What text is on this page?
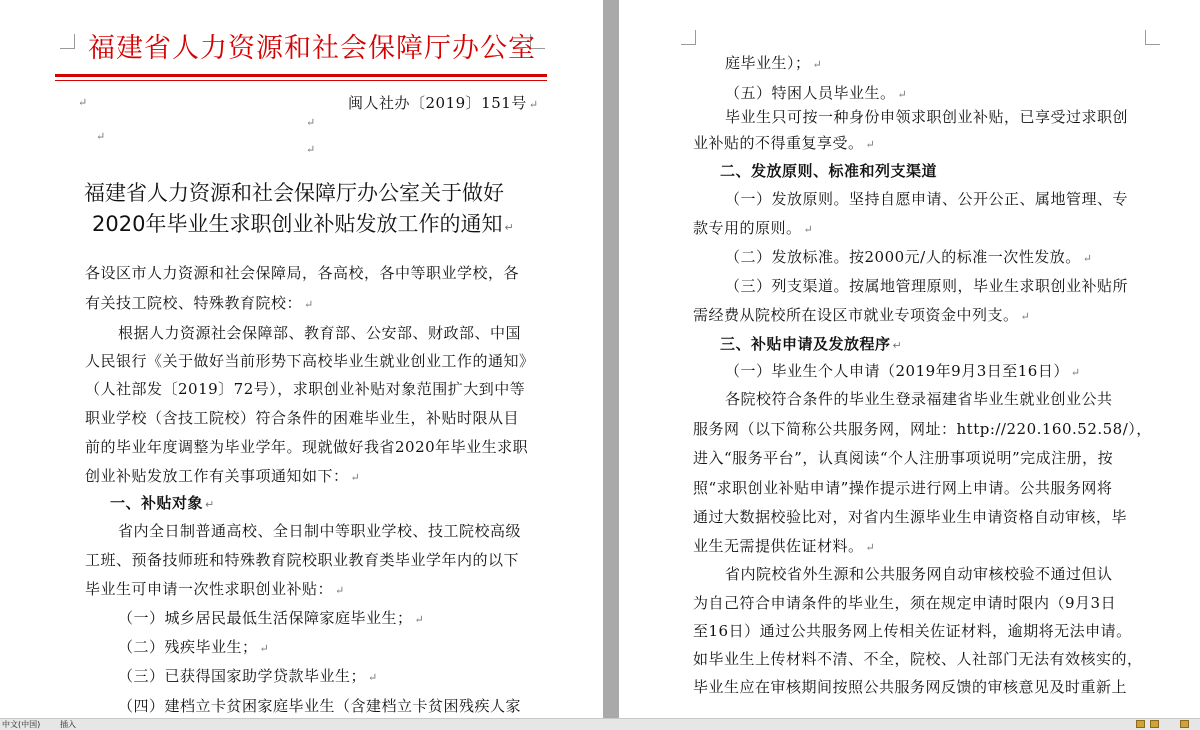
福建省人力资源和社会保障厅办公室
↵	闽人社办〔2019〕151号 ↵
↵
↵
↵
福建省人力资源和社会保障厅办公室关于做好
2020年毕业生求职创业补贴发放工作的通知 ↵
各设区市人力资源和社会保障局，各高校，各中等职业学校，各
有关技工院校、特殊教育院校： ↵
根据人力资源社会保障部、教育部、公安部、财政部、中国
人民银行《关于做好当前形势下高校毕业生就业创业工作的通知》
（人社部发〔2019〕72号），求职创业补贴对象范围扩大到中等
职业学校（含技工院校）符合条件的困难毕业生，补贴时限从目
前的毕业年度调整为毕业学年。现就做好我省2020年毕业生求职
创业补贴发放工作有关事项通知如下： ↵
一、补贴对象 ↵
省内全日制普通高校、全日制中等职业学校、技工院校高级
工班、预备技师班和特殊教育院校职业教育类毕业学年内的以下
毕业生可申请一次性求职创业补贴： ↵
（一）城乡居民最低生活保障家庭毕业生； ↵
（二）残疾毕业生； ↵
（三）已获得国家助学贷款毕业生； ↵
（四）建档立卡贫困家庭毕业生（含建档立卡贫困残疾人家
庭毕业生）； ↵
（五）特困人员毕业生。 ↵
毕业生只可按一种身份申领求职创业补贴，已享受过求职创
业补贴的不得重复享受。 ↵
二、发放原则、标准和列支渠道
（一）发放原则。坚持自愿申请、公开公正、属地管理、专
款专用的原则。 ↵
（二）发放标准。按2000元/人的标准一次性发放。 ↵
（三）列支渠道。按属地管理原则，毕业生求职创业补贴所
需经费从院校所在设区市就业专项资金中列支。 ↵
三、补贴申请及发放程序 ↵
（一）毕业生个人申请（2019年9月3日至16日） ↵
各院校符合条件的毕业生登录福建省毕业生就业创业公共
服务网（以下简称公共服务网，网址：http://220.160.52.58/），
进入“服务平台”，认真阅读“个人注册事项说明”完成注册，按
照“求职创业补贴申请”操作提示进行网上申请。公共服务网将
通过大数据校验比对，对省内生源毕业生申请资格自动审核，毕
业生无需提供佐证材料。 ↵
省内院校省外生源和公共服务网自动审核校验不通过但认
为自己符合申请条件的毕业生，须在规定申请时限内（9月3日
至16日）通过公共服务网上传相关佐证材料，逾期将无法申请。
如毕业生上传材料不清、不全，院校、人社部门无法有效核实的，
毕业生应在审核期间按照公共服务网反馈的审核意见及时重新上
中文(中国) 插入
